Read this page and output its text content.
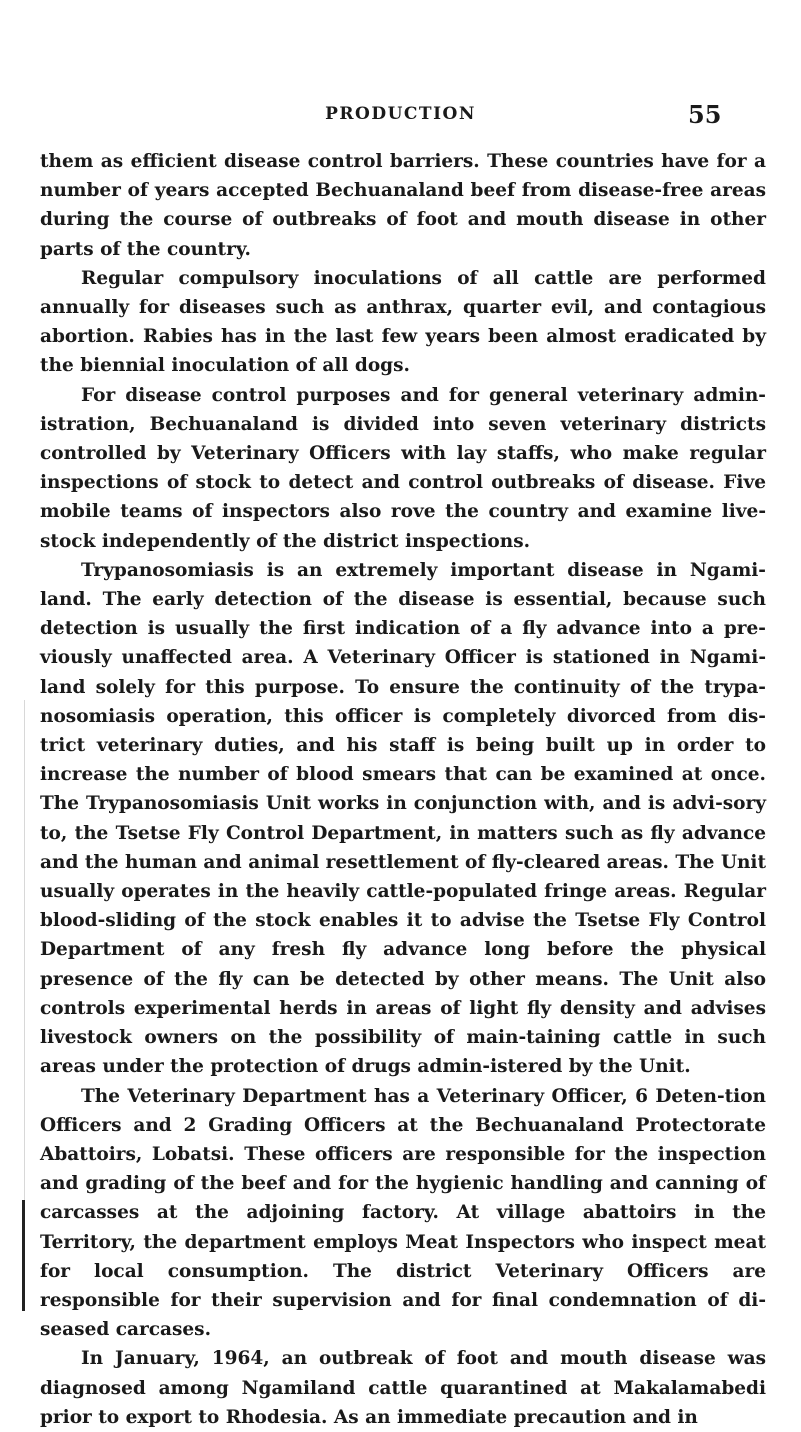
PRODUCTION	55

them as efficient disease control barriers. These countries have for a number of years accepted Bechuanaland beef from disease-free areas during the course of outbreaks of foot and mouth disease in other parts of the country.

Regular compulsory inoculations of all cattle are performed annually for diseases such as anthrax, quarter evil, and contagious abortion. Rabies has in the last few years been almost eradicated by the biennial inoculation of all dogs.

For disease control purposes and for general veterinary admin-istration, Bechuanaland is divided into seven veterinary districts controlled by Veterinary Officers with lay staffs, who make regular inspections of stock to detect and control outbreaks of disease. Five mobile teams of inspectors also rove the country and examine live-stock independently of the district inspections.

Trypanosomiasis is an extremely important disease in Ngami-land. The early detection of the disease is essential, because such detection is usually the first indication of a fly advance into a pre-viously unaffected area. A Veterinary Officer is stationed in Ngami-land solely for this purpose. To ensure the continuity of the trypa-nosomiasis operation, this officer is completely divorced from dis-trict veterinary duties, and his staff is being built up in order to increase the number of blood smears that can be examined at once. The Trypanosomiasis Unit works in conjunction with, and is advi-sory to, the Tsetse Fly Control Department, in matters such as fly advance and the human and animal resettlement of fly-cleared areas. The Unit usually operates in the heavily cattle-populated fringe areas. Regular blood-sliding of the stock enables it to advise the Tsetse Fly Control Department of any fresh fly advance long before the physical presence of the fly can be detected by other means. The Unit also controls experimental herds in areas of light fly density and advises livestock owners on the possibility of main-taining cattle in such areas under the protection of drugs admin-istered by the Unit.

The Veterinary Department has a Veterinary Officer, 6 Deten-tion Officers and 2 Grading Officers at the Bechuanaland Protectorate Abattoirs, Lobatsi. These officers are responsible for the inspection and grading of the beef and for the hygienic handling and canning of carcasses at the adjoining factory. At village abattoirs in the Territory, the department employs Meat Inspectors who inspect meat for local consumption. The district Veterinary Officers are responsible for their supervision and for final condemnation of di-seased carcases.

In January, 1964, an outbreak of foot and mouth disease was diagnosed among Ngamiland cattle quarantined at Makalamabedi prior to export to Rhodesia. As an immediate precaution and in
